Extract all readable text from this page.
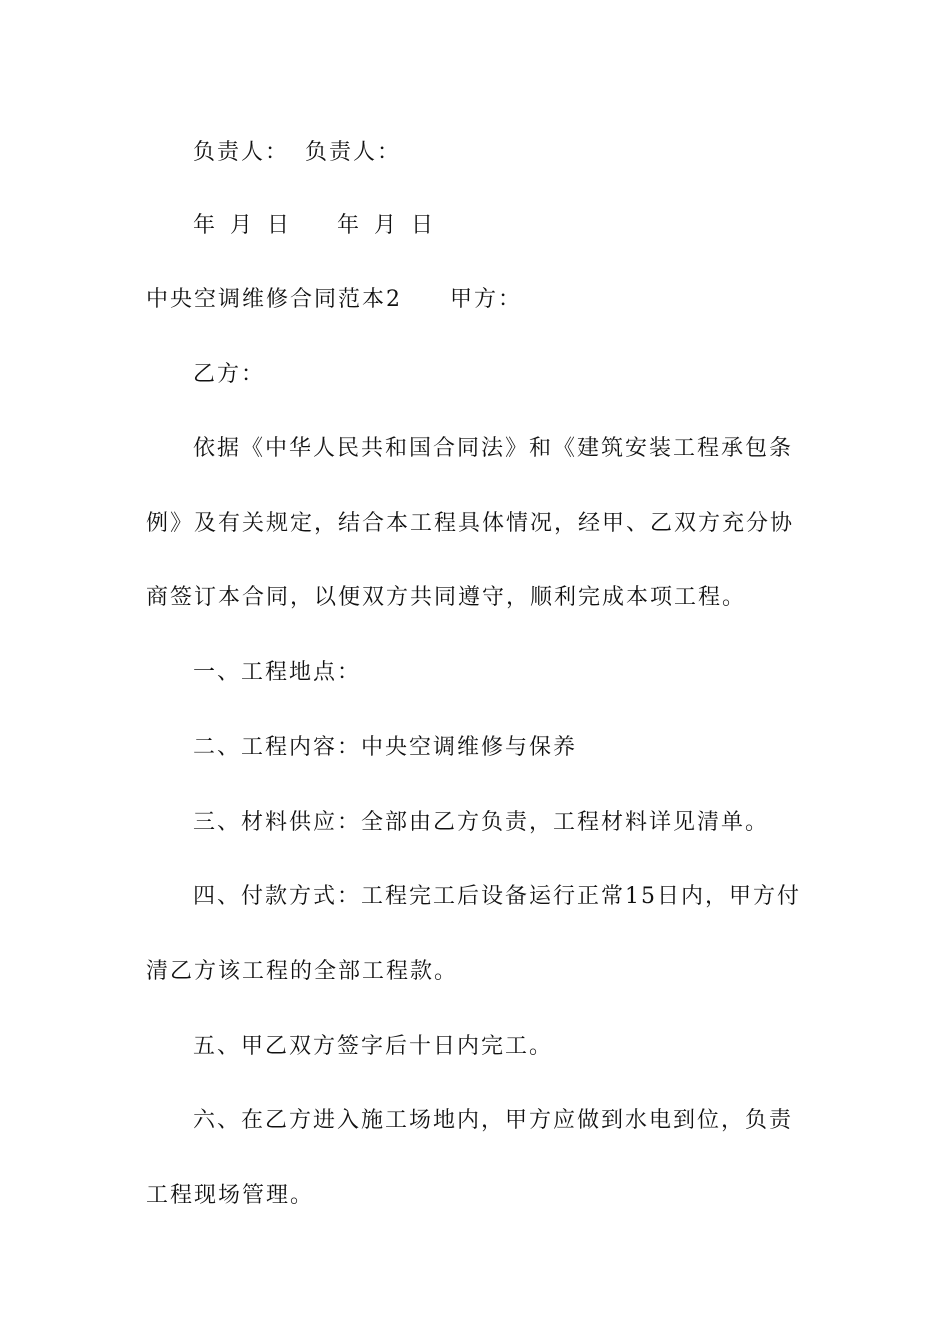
负责人： 负责人：
年 月 日 年 月 日
中央空调维修合同范本2 甲方：
乙方：
依据《中华人民共和国合同法》和《建筑安装工程承包条
例》及有关规定，结合本工程具体情况，经甲、乙双方充分协
商签订本合同，以便双方共同遵守，顺利完成本项工程。
一、工程地点：
二、工程内容：中央空调维修与保养
三、材料供应：全部由乙方负责，工程材料详见清单。
四、付款方式：工程完工后设备运行正常15日内，甲方付
清乙方该工程的全部工程款。
五、甲乙双方签字后十日内完工。
六、在乙方进入施工场地内，甲方应做到水电到位，负责
工程现场管理。
